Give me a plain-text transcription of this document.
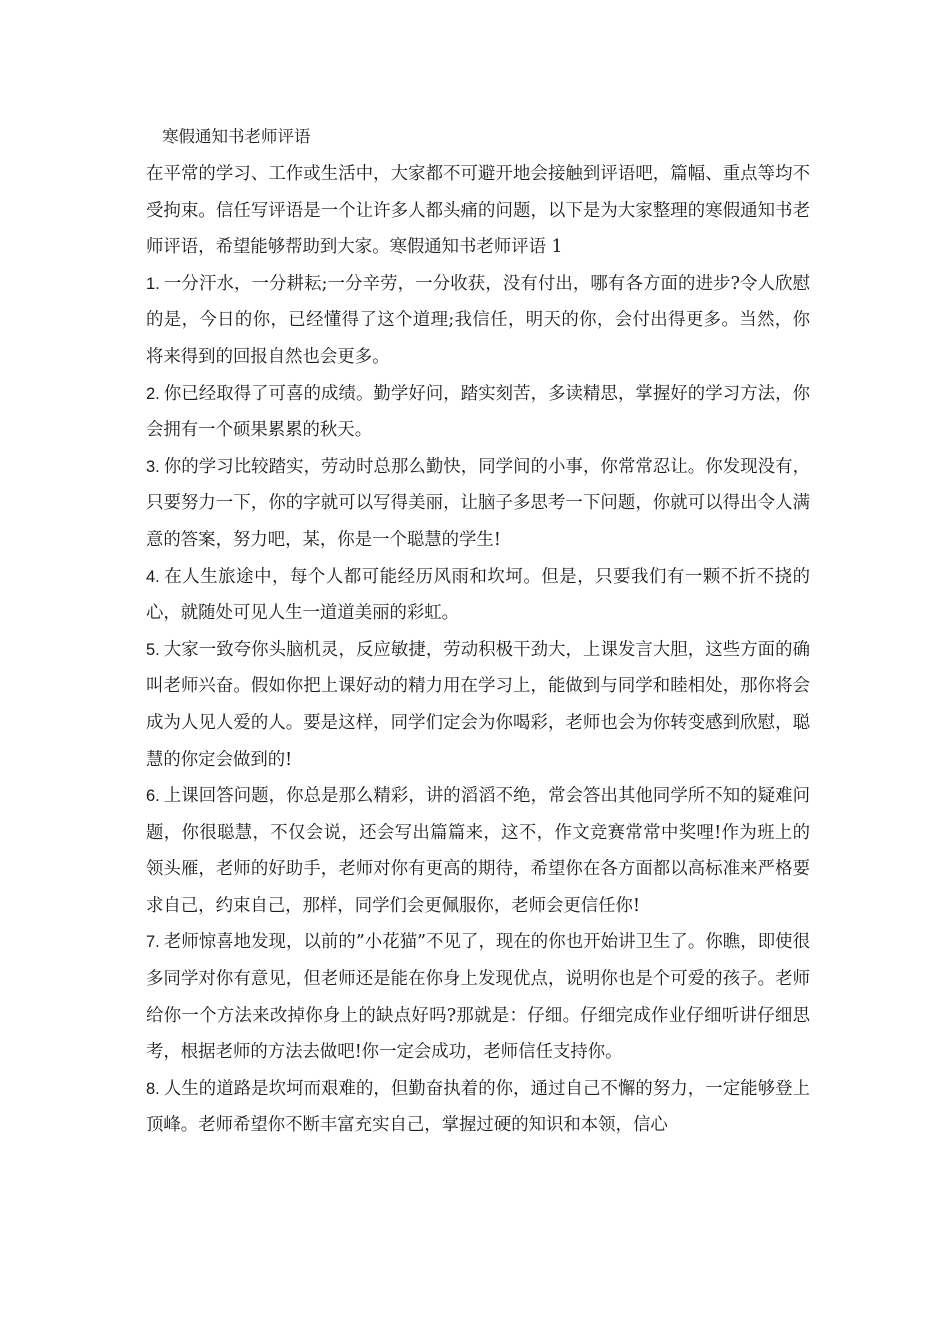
寒假通知书老师评语

在平常的学习、工作或生活中，大家都不可避开地会接触到评语吧，篇幅、重点等均不受拘束。信任写评语是一个让许多人都头痛的问题，以下是为大家整理的寒假通知书老师评语，希望能够帮助到大家。寒假通知书老师评语 1

1. 一分汗水，一分耕耘;一分辛劳，一分收获，没有付出，哪有各方面的进步?令人欣慰的是，今日的你，已经懂得了这个道理;我信任，明天的你，会付出得更多。当然，你将来得到的回报自然也会更多。

2. 你已经取得了可喜的成绩。勤学好问，踏实刻苦，多读精思，掌握好的学习方法，你会拥有一个硕果累累的秋天。

3. 你的学习比较踏实，劳动时总那么勤快，同学间的小事，你常常忍让。你发现没有，只要努力一下，你的字就可以写得美丽，让脑子多思考一下问题，你就可以得出令人满意的答案，努力吧，某，你是一个聪慧的学生!

4. 在人生旅途中，每个人都可能经历风雨和坎坷。但是，只要我们有一颗不折不挠的心，就随处可见人生一道道美丽的彩虹。

5. 大家一致夸你头脑机灵，反应敏捷，劳动积极干劲大，上课发言大胆，这些方面的确叫老师兴奋。假如你把上课好动的精力用在学习上，能做到与同学和睦相处，那你将会成为人见人爱的人。要是这样，同学们定会为你喝彩，老师也会为你转变感到欣慰，聪慧的你定会做到的!

6. 上课回答问题，你总是那么精彩，讲的滔滔不绝，常会答出其他同学所不知的疑难问题，你很聪慧，不仅会说，还会写出篇篇来，这不，作文竞赛常常中奖哩!作为班上的领头雁，老师的好助手，老师对你有更高的期待，希望你在各方面都以高标准来严格要求自己，约束自己，那样，同学们会更佩服你，老师会更信任你!

7. 老师惊喜地发现，以前的”小花猫”不见了，现在的你也开始讲卫生了。你瞧，即使很多同学对你有意见，但老师还是能在你身上发现优点，说明你也是个可爱的孩子。老师给你一个方法来改掉你身上的缺点好吗?那就是：仔细。仔细完成作业仔细听讲仔细思考，根据老师的方法去做吧!你一定会成功，老师信任支持你。

8. 人生的道路是坎坷而艰难的，但勤奋执着的你，通过自己不懈的努力，一定能够登上顶峰。老师希望你不断丰富充实自己，掌握过硬的知识和本领，信心
